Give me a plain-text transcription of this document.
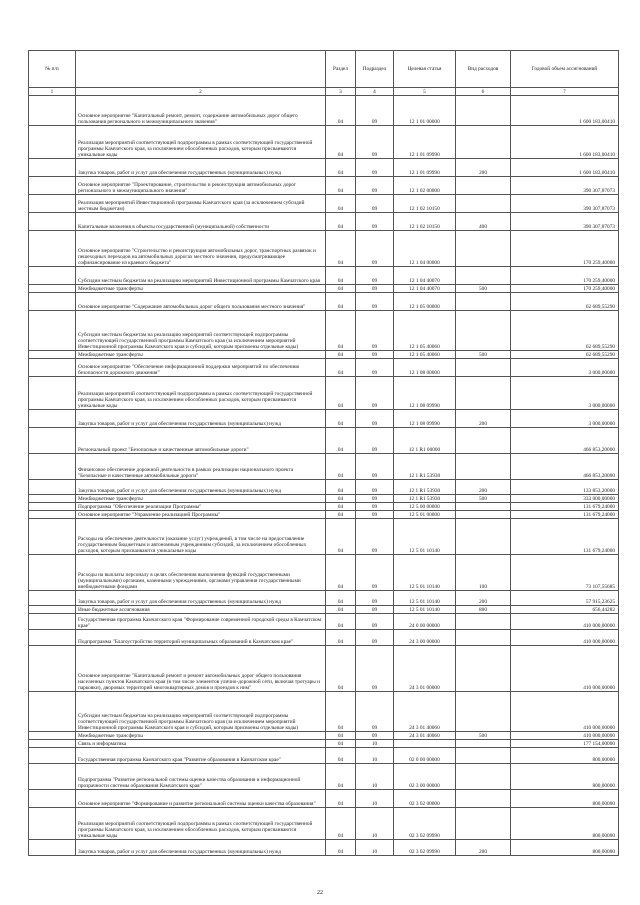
№ п/п		Раздел	Подраздел	Целевая статья	Вид расходов	Годовой объем ассигнований
1	2	3	4	5	6	7
	Основное мероприятие "Капитальный ремонт, ремонт, содержание автомобильных дорог общего пользования регионального и межмуниципального значения"	04	09	12 1 01 00000		1 600 183,00410
	Реализация мероприятий соответствующей подпрограммы в рамках соответствующей государственной программы Камчатского края, за исключением обособленных расходов, которым присваиваются уникальные коды	04	09	12 1 01 09990		1 600 183,00410
	Закупка товаров, работ и услуг для обеспечения государственных (муниципальных) нужд	04	09	12 1 01 09990	200	1 600 183,00410
	Основное мероприятие "Проектирование, строительство и реконструкция автомобильных дорог регионального и межмуниципального значения"	04	09	12 1 02 00000		390 307,87073
	Реализация мероприятий Инвестиционной программы Камчатского края (за исключением субсидий местным бюджетам)	04	09	12 1 02 10150		390 307,87073
	Капитальные вложения в объекты государственной (муниципальной) собственности	04	09	12 1 02 10150	400	390 307,87073
	Основное мероприятие "Строительство и реконструкция автомобильных дорог, транспортных развязок и пешеходных переходов на автомобильных дорогах местного значения, предусматривающее софинансирование из краевого бюджета"	04	09	12 1 04 00000		170 259,40000
	Субсидии местным бюджетам на реализацию мероприятий Инвестиционной программы Камчатского края	04	09	12 1 04 40070		170 259,40000
	Межбюджетные трансферты	04	09	12 1 04 40070	500	170 259,40000
	Основное мероприятие "Содержание автомобильных дорог общего пользования местного значения"	04	09	12 1 05 00000		62 689,55290
	Субсидии местным бюджетам на реализацию мероприятий соответствующей подпрограммы соответствующей государственной программы Камчатского края (за исключением мероприятий Инвестиционной программы Камчатского края и субсидий, которым присвоены отдельные коды)	04	09	12 1 05 40060		62 689,55290
	Межбюджетные трансферты	04	09	12 1 05 40060	500	62 689,55290
	Основное мероприятие "Обеспечение информационной поддержки мероприятий по обеспечению безопасности дорожного движения"	04	09	12 1 08 00000		3 000,00000
	Реализация мероприятий соответствующей подпрограммы в рамках соответствующей государственной программы Камчатского края, за исключением обособленных расходов, которым присваиваются уникальные коды	04	09	12 1 08 09990		3 000,00000
	Закупка товаров, работ и услуг для обеспечения государственных (муниципальных) нужд	04	09	12 1 08 09990	200	3 000,00000
	Региональный проект "Безопасные и качественные автомобильные дороги"	04	09	12 1 R1 00000		466 853,20000
	Финансовое обеспечение дорожной деятельности в рамках реализации национального проекта "Безопасные и качественные автомобильные дороги"	04	09	12 1 R1 53930		466 853,20000
	Закупка товаров, работ и услуг для обеспечения государственных (муниципальных) нужд	04	09	12 1 R1 53930	200	133 853,20000
	Межбюджетные трансферты	04	09	12 1 R1 53930	500	333 000,00000
	Подпрограмма "Обеспечение реализации Программы"	04	09	12 5 00 00000		131 679,24000
	Основное мероприятие "Управление реализацией Программы"	04	09	12 5 01 00000		131 679,24000
	Расходы на обеспечение деятельности (оказание услуг) учреждений, в том числе на предоставление государственным бюджетным и автономным учреждениям субсидий, за исключением обособленных расходов, которым присваиваются уникальные коды	04	09	12 5 01 10140		131 679,24000
	Расходы на выплаты персоналу в целях обеспечения выполнения функций государственными (муниципальными) органами, казенными учреждениями, органами управления государственными внебюджетными фондами	04	09	12 5 01 10140	100	73 107,55685
	Закупка товаров, работ и услуг для обеспечения государственных (муниципальных) нужд	04	09	12 5 01 10140	200	57 915,23625
	Иные бюджетные ассигнования	04	09	12 5 01 10140	800	656,44282
	Государственная программа Камчатского края "Формирование современной городской среды в Камчатском крае"	04	09	24 0 00 00000		410 000,00000
	Подпрограмма "Благоустройство территорий муниципальных образований в Камчатском крае"	04	09	24 3 00 00000		410 000,00000
	Основное мероприятие "Капитальный ремонт и ремонт автомобильных дорог общего пользования населенных пунктов Камчатского края (в том числе элементов улично-дорожной сети, включая тротуары и парковки), дворовых территорий многоквартирных домов и проездов к ним"	04	09	24 3 01 00000		410 000,00000
	Субсидии местным бюджетам на реализацию мероприятий соответствующей подпрограммы соответствующей государственной программы Камчатского края (за исключением мероприятий Инвестиционной программы Камчатского края и субсидий, которым присвоены отдельные коды)	04	09	24 3 01 40060		410 000,00000
	Межбюджетные трансферты	04	09	24 3 01 40060	500	410 000,00000
	Связь и информатика	04	10			177 154,00000
	Государственная программа Камчатского края "Развитие образования в Камчатском крае"	04	10	02 0 00 00000		800,00000
	Подпрограмма "Развитие региональной системы оценки качества образования и информационной прозрачности системы образования Камчатского края"	04	10	02 3 00 00000		800,00000
	Основное мероприятие "Формирование и развитие региональной системы оценки качества образования"	04	10	02 3 02 00000		800,00000
	Реализация мероприятий соответствующей подпрограммы в рамках соответствующей государственной программы Камчатского края, за исключением обособленных расходов, которым присваиваются уникальные коды	04	10	02 3 02 09990		800,00000
	Закупка товаров, работ и услуг для обеспечения государственных (муниципальных) нужд	04	10	02 3 02 09990	200	800,00000
22
